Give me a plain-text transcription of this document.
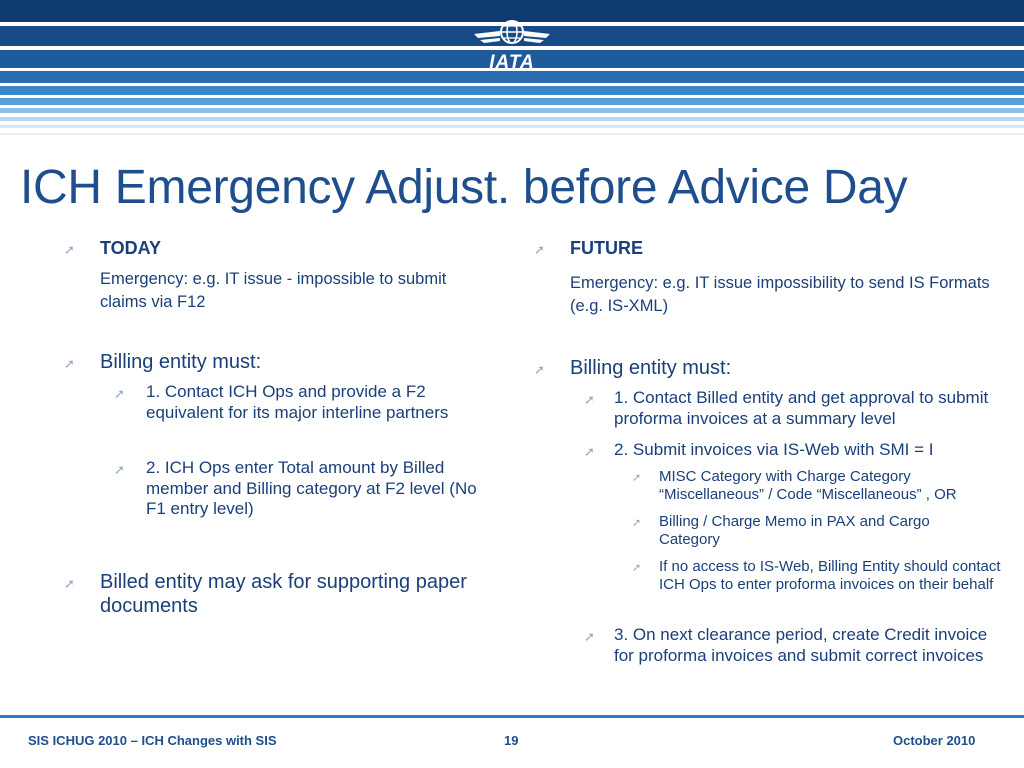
IATA
ICH Emergency Adjust. before Advice Day
➚ TODAY
Emergency: e.g. IT issue - impossible to submit claims via F12
➚ Billing entity must:
➚ 1. Contact ICH Ops and provide a F2 equivalent for its major interline partners
➚ 2. ICH Ops enter Total amount by Billed member and Billing category at F2 level (No F1 entry level)
➚ Billed entity may ask for supporting paper documents
➚ FUTURE
Emergency: e.g. IT issue impossibility to send IS Formats (e.g. IS-XML)
➚ Billing entity must:
➚ 1. Contact Billed entity and get approval to submit proforma invoices at a summary level
➚ 2. Submit invoices via IS-Web with SMI = I
➚ MISC Category with Charge Category “Miscellaneous” / Code “Miscellaneous” , OR
➚ Billing / Charge Memo in PAX and Cargo Category
➚ If no access to IS-Web, Billing Entity should contact ICH Ops to enter proforma invoices on their behalf
➚ 3. On next clearance period, create Credit invoice for proforma invoices and submit correct invoices
SIS ICHUG 2010 – ICH Changes with SIS	19	October 2010
